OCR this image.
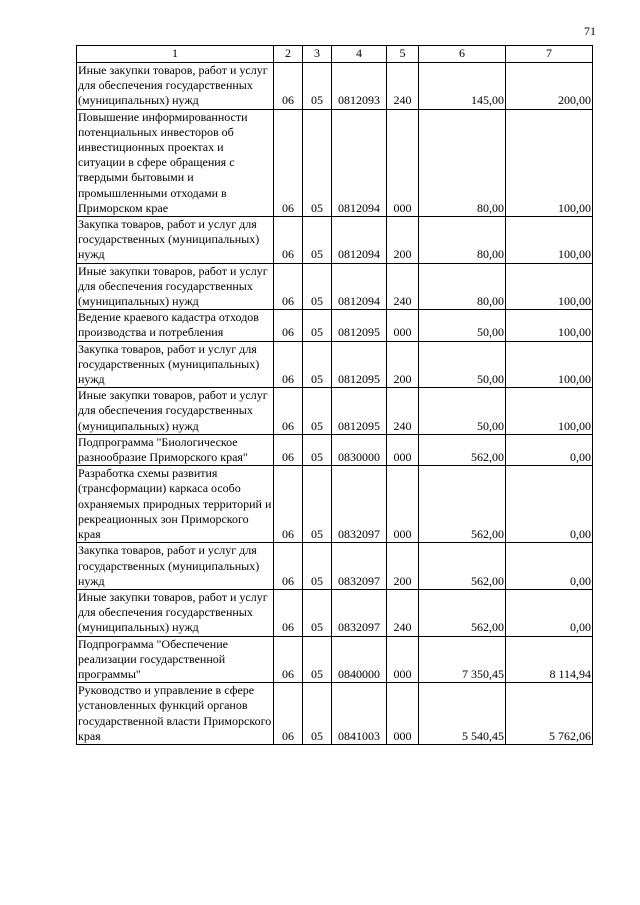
71
1	2	3	4	5	6	7
Иные закупки товаров, работ и услуг для обеспечения государственных (муниципальных) нужд	06	05	0812093	240	145,00	200,00
Повышение информированности потенциальных инвесторов об инвестиционных проектах и ситуации в сфере обращения с твердыми бытовыми и промышленными отходами в Приморском крае	06	05	0812094	000	80,00	100,00
Закупка товаров, работ и услуг для государственных (муниципальных) нужд	06	05	0812094	200	80,00	100,00
Иные закупки товаров, работ и услуг для обеспечения государственных (муниципальных) нужд	06	05	0812094	240	80,00	100,00
Ведение краевого кадастра отходов производства и потребления	06	05	0812095	000	50,00	100,00
Закупка товаров, работ и услуг для государственных (муниципальных) нужд	06	05	0812095	200	50,00	100,00
Иные закупки товаров, работ и услуг для обеспечения государственных (муниципальных) нужд	06	05	0812095	240	50,00	100,00
Подпрограмма "Биологическое разнообразие Приморского края"	06	05	0830000	000	562,00	0,00
Разработка схемы развития (трансформации) каркаса особо охраняемых природных территорий и рекреационных зон Приморского края	06	05	0832097	000	562,00	0,00
Закупка товаров, работ и услуг для государственных (муниципальных) нужд	06	05	0832097	200	562,00	0,00
Иные закупки товаров, работ и услуг для обеспечения государственных (муниципальных) нужд	06	05	0832097	240	562,00	0,00
Подпрограмма "Обеспечение реализации государственной программы"	06	05	0840000	000	7 350,45	8 114,94
Руководство и управление в сфере установленных функций органов государственной власти Приморского края	06	05	0841003	000	5 540,45	5 762,06
